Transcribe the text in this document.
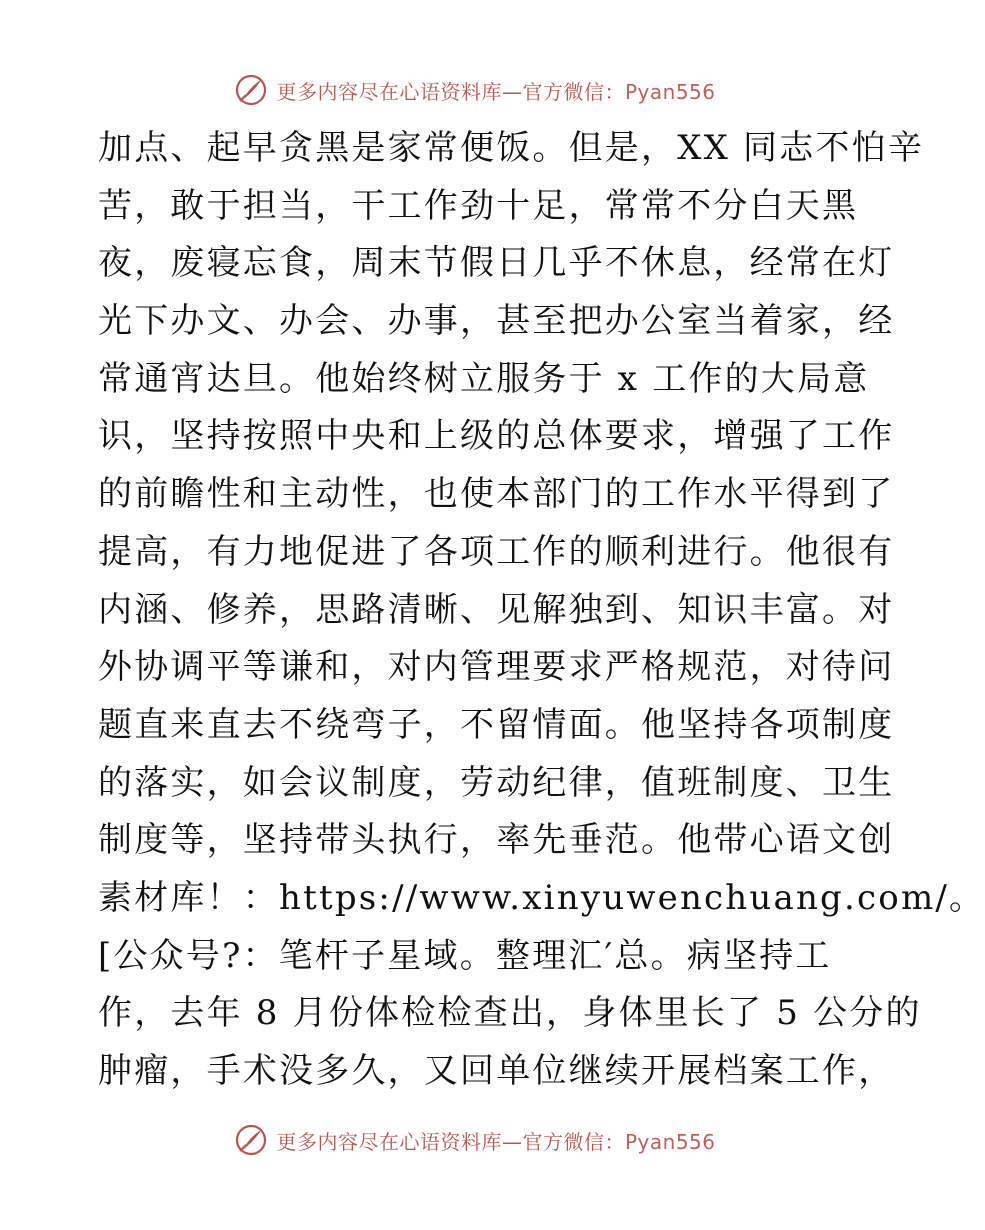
更多内容尽在心语资料库—官方微信：Pyan556
加点、起早贪黑是家常便饭。但是，XX 同志不怕辛
苦，敢于担当，干工作劲十足，常常不分白天黑
夜，废寝忘食，周末节假日几乎不休息，经常在灯
光下办文、办会、办事，甚至把办公室当着家，经
常通宵达旦。他始终树立服务于 x 工作的大局意
识，坚持按照中央和上级的总体要求，增强了工作
的前瞻性和主动性，也使本部门的工作水平得到了
提高，有力地促进了各项工作的顺利进行。他很有
内涵、修养，思路清晰、见解独到、知识丰富。对
外协调平等谦和，对内管理要求严格规范，对待问
题直来直去不绕弯子，不留情面。他坚持各项制度
的落实，如会议制度，劳动纪律，值班制度、卫生
制度等，坚持带头执行，率先垂范。他带心语文创
素材库！：https://www.xinyuwenchuang.com/。
[公众号?：笔杆子星域。整理汇′总。病坚持工
作，去年 8 月份体检检查出，身体里长了 5 公分的
肿瘤，手术没多久，又回单位继续开展档案工作，
更多内容尽在心语资料库—官方微信：Pyan556
